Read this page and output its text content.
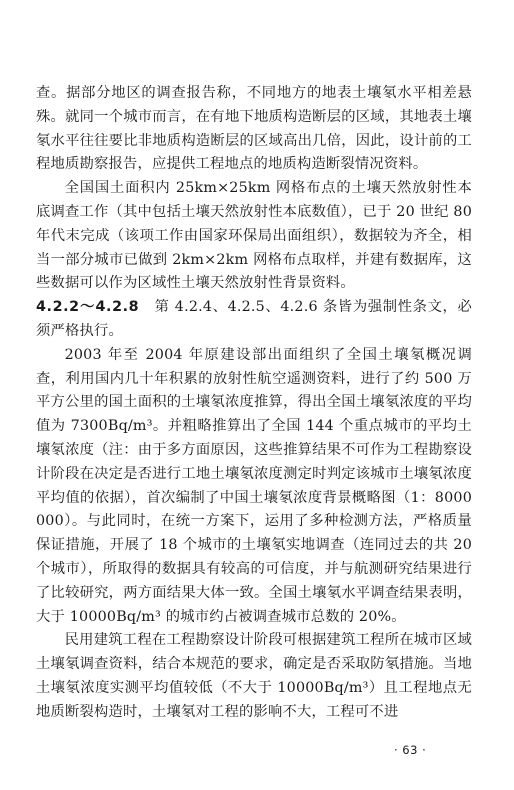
查。据部分地区的调查报告称，不同地方的地表土壤氡水平相差悬殊。就同一个城市而言，在有地下地质构造断层的区域，其地表土壤氡水平往往要比非地质构造断层的区域高出几倍，因此，设计前的工程地质勘察报告，应提供工程地点的地质构造断裂情况资料。

全国国土面积内 25km×25km 网格布点的土壤天然放射性本底调查工作（其中包括土壤天然放射性本底数值），已于 20 世纪 80 年代末完成（该项工作由国家环保局出面组织），数据较为齐全，相当一部分城市已做到 2km×2km 网格布点取样，并建有数据库，这些数据可以作为区域性土壤天然放射性背景资料。

4.2.2～4.2.8　第 4.2.4、4.2.5、4.2.6 条皆为强制性条文，必须严格执行。

2003 年至 2004 年原建设部出面组织了全国土壤氡概况调查，利用国内几十年积累的放射性航空遥测资料，进行了约 500 万平方公里的国土面积的土壤氡浓度推算，得出全国土壤氡浓度的平均值为 7300Bq/m³。并粗略推算出了全国 144 个重点城市的平均土壤氡浓度（注：由于多方面原因，这些推算结果不可作为工程勘察设计阶段在决定是否进行工地土壤氡浓度测定时判定该城市土壤氡浓度平均值的依据），首次编制了中国土壤氡浓度背景概略图（1：8000000）。与此同时，在统一方案下，运用了多种检测方法，严格质量保证措施，开展了 18 个城市的土壤氡实地调查（连同过去的共 20 个城市），所取得的数据具有较高的可信度，并与航测研究结果进行了比较研究，两方面结果大体一致。全国土壤氡水平调查结果表明，大于 10000Bq/m³ 的城市约占被调查城市总数的 20%。

民用建筑工程在工程勘察设计阶段可根据建筑工程所在城市区域土壤氡调查资料，结合本规范的要求，确定是否采取防氡措施。当地土壤氡浓度实测平均值较低（不大于 10000Bq/m³）且工程地点无地质断裂构造时，土壤氡对工程的影响不大，工程可不进

· 63 ·
